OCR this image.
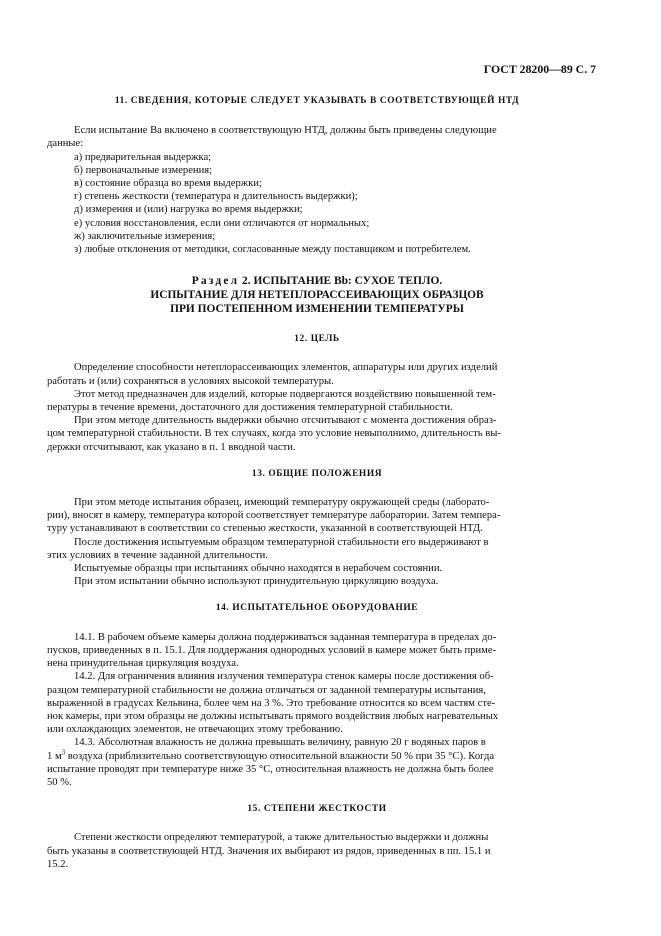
ГОСТ 28200—89 С. 7

11. СВЕДЕНИЯ, КОТОРЫЕ СЛЕДУЕТ УКАЗЫВАТЬ В СООТВЕТСТВУЮЩЕЙ НТД

Если испытание Ва включено в соответствующую НТД, должны быть приведены следующие

данные:

а) предварительная выдержка;

б) первоначальные измерения;

в) состояние образца во время выдержки;

г) степень жесткости (температура и длительность выдержки);

д) измерения и (или) нагрузка во время выдержки;

е) условия восстановления, если они отличаются от нормальных;

ж) заключительные измерения;

з) любые отклонения от методики, согласованные между поставщиком и потребителем.

Раздел 2. ИСПЫТАНИЕ Bb: СУХОЕ ТЕПЛО.

ИСПЫТАНИЕ ДЛЯ НЕТЕПЛОРАССЕИВАЮЩИХ ОБРАЗЦОВ

ПРИ ПОСТЕПЕННОМ ИЗМЕНЕНИИ ТЕМПЕРАТУРЫ

12. ЦЕЛЬ

Определение способности нетеплорассеивающих элементов, аппаратуры или других изделий

работать и (или) сохраняться в условиях высокой температуры.

Этот метод предназначен для изделий, которые подвергаются воздействию повышенной тем-

пературы в течение времени, достаточного для достижения температурной стабильности.

При этом методе длительность выдержки обычно отсчитывают с момента достижения образ-

цом температурной стабильности. В тех случаях, когда это условие невыполнимо, длительность вы-

держки отсчитывают, как указано в п. 1 вводной части.

13. ОБЩИЕ ПОЛОЖЕНИЯ

При этом методе испытания образец, имеющий температуру окружающей среды (лаборато-

рии), вносят в камеру, температура которой соответствует температуре лаборатории. Затем темпера-

туру устанавливают в соответствии со степенью жесткости, указанной в соответствующей НТД.

После достижения испытуемым образцом температурной стабильности его выдерживают в

этих условиях в течение заданной длительности.

Испытуемые образцы при испытаниях обычно находятся в нерабочем состоянии.

При этом испытании обычно используют принудительную циркуляцию воздуха.

14. ИСПЫТАТЕЛЬНОЕ ОБОРУДОВАНИЕ

14.1. В рабочем объеме камеры должна поддерживаться заданная температура в пределах до-

пусков, приведенных в п. 15.1. Для поддержания однородных условий в камере может быть приме-

нена принудительная циркуляция воздуха.

14.2. Для ограничения влияния излучения температура стенок камеры после достижения об-

разцом температурной стабильности не должна отличаться от заданной температуры испытания,

выраженной в градусах Кельвина, более чем на 3 %. Это требование относится ко всем частям сте-

нок камеры, при этом образцы не должны испытывать прямого воздействия любых нагревательных

или охлаждающих элементов, не отвечающих этому требованию.

14.3. Абсолютная влажность не должна превышать величину, равную 20 г водяных паров в

1 $м^3$ воздуха (приблизительно соответствующую относительной влажности 50 % при 35 °С). Когда

испытание проводят при температуре ниже 35 °С, относительная влажность не должна быть более

50 %.

15. СТЕПЕНИ ЖЕСТКОСТИ

Степени жесткости определяют температурой, а также длительностью выдержки и должны

быть указаны в соответствующей НТД. Значения их выбирают из рядов, приведенных в пп. 15.1 и

15.2.
